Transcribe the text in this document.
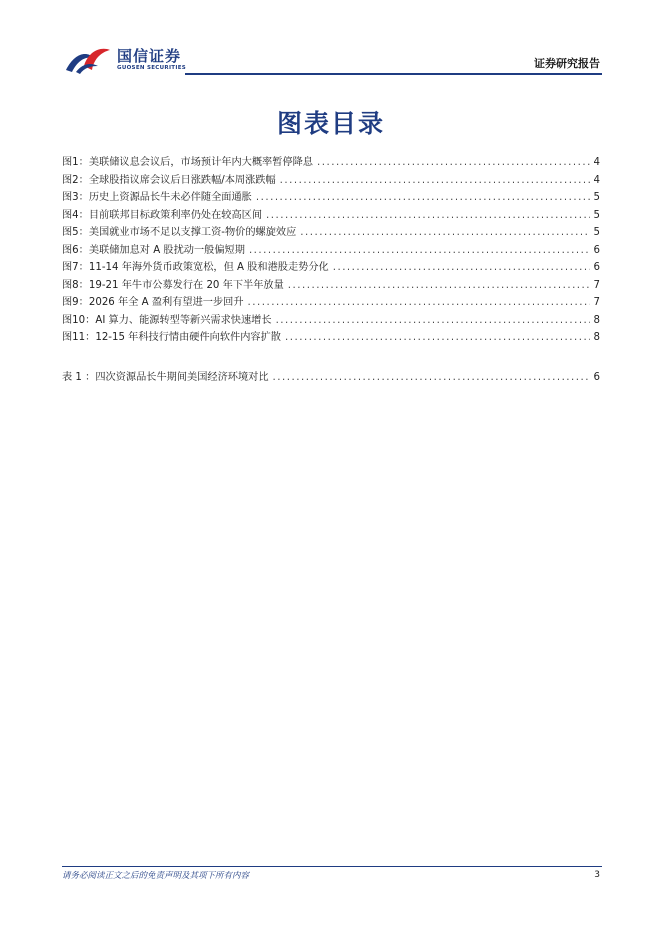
国信证券
GUOSEN SECURITIES	证券研究报告
图表目录
图1： 美联储议息会议后，市场预计年内大概率暂停降息 .....	4
图2： 全球股指议席会议后日涨跌幅/本周涨跌幅 .....	4
图3： 历史上资源品长牛未必伴随全面通胀 .....	5
图4： 目前联邦目标政策利率仍处在较高区间 .....	5
图5： 美国就业市场不足以支撑工资-物价的螺旋效应 .....	5
图6： 美联储加息对 A 股扰动一般偏短期 .....	6
图7： 11-14 年海外货币政策宽松，但 A 股和港股走势分化 .....	6
图8： 19-21 年牛市公募发行在 20 年下半年放量 .....	7
图9： 2026 年全 A 盈利有望进一步回升 .....	7
图10： AI 算力、能源转型等新兴需求快速增长 .....	8
图11： 12-15 年科技行情由硬件向软件内容扩散 .....	8
表 1 ： 四次资源品长牛期间美国经济环境对比 .....	6
请务必阅读正文之后的免责声明及其项下所有内容	3
